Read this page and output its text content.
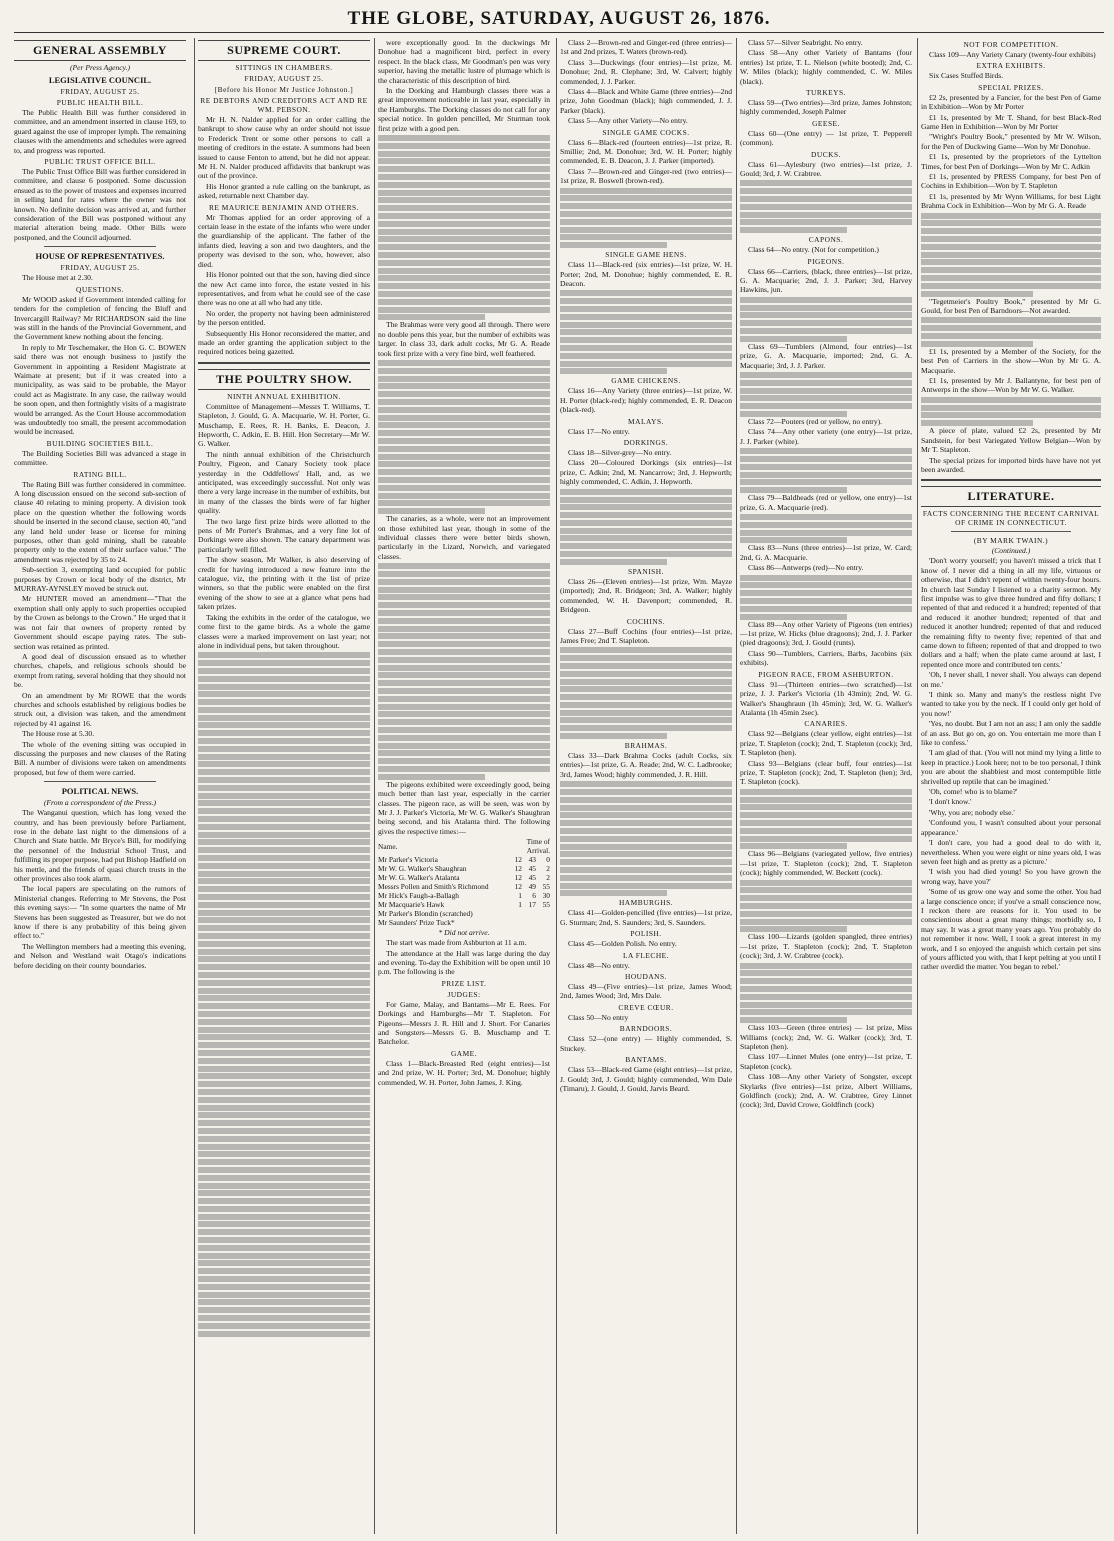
THE GLOBE, SATURDAY, AUGUST 26, 1876.
GENERAL ASSEMBLY
(Per Press Agency.)
LEGISLATIVE COUNCIL.
FRIDAY, AUGUST 25.
PUBLIC HEALTH BILL.

The Public Health Bill was further considered in committee, and an amendment inserted in clause 169, to guard against the use of improper lymph. The remaining clauses with the amendments and schedules were agreed to, and progress was reported.

PUBLIC TRUST OFFICE BILL.

The Public Trust Office Bill was further considered in committee, and clause 6 postponed. Some discussion ensued as to the power of trustees and expenses incurred in selling land for rates where the owner was not known. No definite decision was arrived at, and further consideration of the Bill was postponed without any material alteration being made. Other Bills were postponed, and the Council adjourned.

HOUSE OF REPRESENTATIVES.
FRIDAY, AUGUST 25.

The House met at 2.30.

QUESTIONS.

Mr WOOD asked if Government intended calling for tenders for the completion of fencing the Bluff and Invercargill Railway? Mr RICHARDSON said the line was still in the hands of the Provincial Government, and the Government knew nothing about the fencing.

In reply to Mr Teschemaker, the Hon G. C. BOWEN said there was not enough business to justify the Government in appointing a Resident Magistrate at Waimate at present; but if it was created into a municipality, as was said to be probable, the Mayor could act as Magistrate. In any case, the railway would be soon open, and then fortnightly visits of a magistrate would be arranged. As the Court House accommodation was undoubtedly too small, the present accommodation would be increased.

BUILDING SOCIETIES BILL.

The Building Societies Bill was advanced a stage in committee.

RATING BILL.

The Rating Bill was further considered in committee. A long discussion ensued on the second sub-section of clause 40 relating to mining property. A division took place on the question whether the following words should be inserted in the second clause, section 40, "and any land held under lease or license for mining purposes, other than gold mining, shall be rateable property only to the extent of their surface value." The amendment was rejected by 35 to 24.

Sub-section 3, exempting land occupied for public purposes by Crown or local body of the district, Mr MURRAY-AYNSLEY moved be struck out.

Mr HUNTER moved an amendment—"That the exemption shall only apply to such properties occupied by the Crown as belongs to the Crown." He urged that it was not fair that owners of property rented by Government should escape paying rates. The sub-section was retained as printed.

A good deal of discussion ensued as to whether churches, chapels, and religious schools should be exempt from rating, several holding that they should not be.

On an amendment by Mr ROWE that the words churches and schools established by religious bodies be struck out, a division was taken, and the amendment rejected by 41 against 16.

The House rose at 5.30.

The whole of the evening sitting was occupied in discussing the purposes and new clauses of the Rating Bill. A number of divisions were taken on amendments proposed, but few of them were carried.

POLITICAL NEWS.
(From a correspondent of the Press.)

The Wanganui question, which has long vexed the country, and has been previously before Parliament, rose in the debate last night to the dimensions of a Church and State battle. Mr Bryce's Bill, for modifying the personnel of the Industrial School Trust, and fulfilling its proper purpose, had put Bishop Hadfield on his mettle, and the friends of quasi church trusts in the other provinces also took alarm.

The local papers are speculating on the rumors of Ministerial changes. Referring to Mr Stevens, the Post this evening says:— "In some quarters the name of Mr Stevens has been suggested as Treasurer, but we do not know if there is any probability of this being given effect to."

The Wellington members had a meeting this evening, and Nelson and Westland wait Otago's indications before deciding on their county boundaries.

SUPREME COURT.
SITTINGS IN CHAMBERS.
FRIDAY, AUGUST 25.
[Before his Honor Mr Justice Johnston.]
RE DEBTORS AND CREDITORS ACT AND RE WM. PEBSON.

Mr H. N. Nalder applied for an order calling the bankrupt to show cause why an order should not issue to Frederick Trent or some other persons to call a meeting of creditors in the estate. A summons had been issued to cause Fenton to attend, but he did not appear. Mr H. N. Nalder produced affidavits that bankrupt was out of the province.

His Honor granted a rule calling on the bankrupt, as asked, returnable next Chamber day.

RE MAURICE BENJAMIN AND OTHERS.

Mr Thomas applied for an order approving of a certain lease in the estate of the infants who were under the guardianship of the applicant. The father of the infants died, leaving a son and two daughters, and the property was devised to the son, who, however, also died.

His Honor pointed out that the son, having died since the new Act came into force, the estate vested in his representatives, and from what he could see of the case there was no one at all who had any title.

No order, the property not having been administered by the person entitled.

Subsequently His Honor reconsidered the matter, and made an order granting the application subject to the required notices being gazetted.

THE POULTRY SHOW.
NINTH ANNUAL EXHIBITION.

Committee of Management—Messrs T. Williams, T. Stapleton, J. Gould, G. A. Macquarie, W. H. Porter, G. Muschamp, E. Rees, R. H. Banks, E. Deacon, J. Hepworth, C. Adkin, E. B. Hill. Hon Secretary—Mr W. G. Walker.

The ninth annual exhibition of the Christchurch Poultry, Pigeon, and Canary Society took place yesterday in the Oddfellows' Hall, and, as we anticipated, was exceedingly successful. Not only was there a very large increase in the number of exhibits, but in many of the classes the birds were of far higher quality.

The two large first prize birds were allotted to the pens of Mr Porter's Brahmas, and a very fine lot of Dorkings were also shown. The canary department was particularly well filled.

The show season, Mr Walker, is also deserving of credit for having introduced a new feature into the catalogue, viz, the printing with it the list of prize winners, so that the public were enabled on the first evening of the show to see at a glance what pens had taken prizes.

Taking the exhibits in the order of the catalogue, we come first to the game birds. As a whole the game classes were a marked improvement on last year; not alone in individual pens, but taken throughout.

were exceptionally good. In the duckwings Mr Donohue had a magnificent bird, perfect in every respect. In the black class, Mr Goodman's pen was very superior, having the metallic lustre of plumage which is the characteristic of this description of bird.

In the Dorking and Hamburgh classes there was a great improvement noticeable in last year, especially in the Hamburghs. The Dorking classes do not call for any special notice. In golden pencilled, Mr Sturman took first prize with a good pen.

The Brahmas were very good all through. There were no double pens this year, but the number of exhibits was larger. In class 33, dark adult cocks, Mr G. A. Reade took first prize with a very fine bird, well feathered.

The canaries, as a whole, were not an improvement on those exhibited last year, though in some of the individual classes there were better birds shown, particularly in the Lizard, Norwich, and variegated classes.

The pigeons exhibited were exceedingly good, being much better than last year, especially in the carrier classes. The pigeon race, as will be seen, was won by Mr J. J. Parker's Victoria, Mr W. G. Walker's Shaughran being second, and his Atalanta third. The following gives the respective times:—

Name.	Time of Arrival.		
Mr Parker's Victoria	12	43	0
Mr W. G. Walker's Shaughran	12	45	2
Mr W. G. Walker's Atalanta	12	45	2
Messrs Pollen and Smith's Richmond	12	49	55
Mr Hick's Faugh-a-Ballagh	1	6	30
Mr Macquarie's Hawk	1	17	55
Mr Parker's Blondin (scratched)			
Mr Saunders' Prize Tuck*			
* Did not arrive.

The start was made from Ashburton at 11 a.m.

The attendance at the Hall was large during the day and evening. To-day the Exhibition will be open until 10 p.m. The following is the

PRIZE LIST.
JUDGES:

For Game, Malay, and Bantams—Mr E. Rees. For Dorkings and Hamburghs—Mr T. Stapleton. For Pigeons—Messrs J. R. Hill and J. Short. For Canaries and Songsters—Messrs G. B. Muschamp and T. Batchelor.

GAME.

Class 1—Black-Breasted Red (eight entries)—1st and 2nd prize, W. H. Porter; 3rd, M. Donohue; highly commended, W. H. Porter, John James, J. King.

Class 2—Brown-red and Ginger-red (three entries)—1st and 2nd prizes, T. Waters (brown-red).

Class 3—Duckwings (four entries)—1st prize, M. Donohue; 2nd, R. Clephane; 3rd, W. Calvert; highly commended, J. J. Parker.

Class 4—Black and White Game (three entries)—2nd prize, John Goodman (black); high commended, J. J. Parker (black).

Class 5—Any other Variety—No entry.

SINGLE GAME COCKS.

Class 6—Black-red (fourteen entries)—1st prize, R. Smillie; 2nd, M. Donohue; 3rd, W. H. Porter; highly commended, E. B. Deacon, J. J. Parker (imported).

Class 7—Brown-red and Ginger-red (two entries)—1st prize, R. Boswell (brown-red).

SINGLE GAME HENS.

Class 11—Black-red (six entries)—1st prize, W. H. Porter; 2nd, M. Donohue; highly commended, E. R. Deacon.

GAME CHICKENS.

Class 16—Any Variety (three entries)—1st prize, W. H. Porter (black-red); highly commended, E. R. Deacon (black-red).

MALAYS.

Class 17—No entry.

DORKINGS.

Class 18—Silver-grey—No entry.

Class 20—Coloured Dorkings (six entries)—1st prize, C. Adkin; 2nd, M. Nancarrow; 3rd, J. Hepworth; highly commended, C. Adkin, J. Hepworth.

SPANISH.

Class 26—(Eleven entries)—1st prize, Wm. Mayze (imported); 2nd, R. Bridgeon; 3rd, A. Walker; highly commended, W. H. Davenport; commended, R. Bridgeon.

COCHINS.

Class 27—Buff Cochins (four entries)—1st prize, James Free; 2nd T. Stapleton.

BRAHMAS.

Class 33—Dark Brahma Cocks (adult Cocks, six entries)—1st prize, G. A. Reade; 2nd, W. C. Ladbrooke; 3rd, James Wood; highly commended, J. R. Hill.

HAMBURGHS.

Class 41—Golden-pencilled (five entries)—1st prize, G. Sturman; 2nd, S. Saunders; 3rd, S. Saunders.

POLISH.

Class 45—Golden Polish. No entry.

LA FLECHE.

Class 48—No entry.

HOUDANS.

Class 49—(Five entries)—1st prize, James Wood; 2nd, James Wood; 3rd, Mrs Dale.

CREVE CŒUR.

Class 50—No entry

BARNDOORS.

Class 52—(one entry) — Highly commended, S. Stuckey.

BANTAMS.

Class 53—Black-red Game (eight entries)—1st prize, J. Gould; 3rd, J. Gould; highly commended, Wm Dale (Timaru), J. Gould, J. Gould, Jarvis Beard.

Class 57—Silver Seabright. No entry.

Class 58—Any other Variety of Bantams (four entries) 1st prize, T. L. Nielson (white booted); 2nd, C. W. Miles (black); highly commended, C. W. Miles (black).

TURKEYS.

Class 59—(Two entries)—3rd prize, James Johnston; highly commended, Joseph Palmer

GEESE.

Class 60—(One entry) — 1st prize, T. Pepperell (common).

DUCKS.

Class 61—Aylesbury (two entries)—1st prize, J. Gould; 3rd, J. W. Crabtree.

CAPONS.

Class 64—No entry. (Not for competition.)

PIGEONS.

Class 66—Carriers, (black, three entries)—1st prize, G. A. Macquarie; 2nd, J. J. Parker; 3rd, Harvey Hawkins, jun.

Class 69—Tumblers (Almond, four entries)—1st prize, G. A. Macquarie, imported; 2nd, G. A. Macquarie; 3rd, J. J. Parker.

Class 72—Pouters (red or yellow, no entry).

Class 74—Any other variety (one entry)—1st prize, J. J. Parker (white).

Class 79—Baldheads (red or yellow, one entry)—1st prize, G. A. Macquarie (red).

Class 83—Nuns (three entries)—1st prize, W. Card; 2nd, G. A. Macquarie.

Class 86—Antwerps (red)—No entry.

Class 89—Any other Variety of Pigeons (ten entries)—1st prize, W. Hicks (blue dragoons); 2nd, J. J. Parker (pied dragoons); 3rd, J. Gould (runts).

Class 90—Tumblers, Carriers, Barbs, Jacobins (six exhibits).

PIGEON RACE, FROM ASHBURTON.

Class 91—(Thirteen entries—two scratched)—1st prize, J. J. Parker's Victoria (1h 43min); 2nd, W. G. Walker's Shaughraun (1h 45min); 3rd, W. G. Walker's Atalanta (1h 45min 2sec).

CANARIES.

Class 92—Belgians (clear yellow, eight entries)—1st prize, T. Stapleton (cock); 2nd, T. Stapleton (cock); 3rd, T. Stapleton (hen).

Class 93—Belgians (clear buff, four entries)—1st prize, T. Stapleton (cock); 2nd, T. Stapleton (hen); 3rd, T. Stapleton (cock).

Class 96—Belgians (variegated yellow, five entries)—1st prize, T. Stapleton (cock); 2nd, T. Stapleton (cock); highly commended, W. Beckett (cock).

Class 100—Lizards (golden spangled, three entries)—1st prize, T. Stapleton (cock); 2nd, T. Stapleton (cock); 3rd, J. W. Crabtree (cock).

Class 103—Green (three entries) — 1st prize, Miss Williams (cock); 2nd, W. G. Walker (cock); 3rd, T. Stapleton (hen).

Class 107—Linnet Mules (one entry)—1st prize, T. Stapleton (cock).

Class 108—Any other Variety of Songster, except Skylarks (five entries)—1st prize, Albert Williams, Goldfinch (cock); 2nd, A. W. Crabtree, Grey Linnet (cock); 3rd, David Crowe, Goldfinch (cock)

NOT FOR COMPETITION.

Class 109—Any Variety Canary (twenty-four exhibits)

EXTRA EXHIBITS.

Six Cases Stuffed Birds.

SPECIAL PRIZES.

£2 2s, presented by a Fancier, for the best Pen of Game in Exhibition—Won by Mr Porter

£1 1s, presented by Mr T. Shand, for best Black-Red Game Hen in Exhibition—Won by Mr Porter

"Wright's Poultry Book," presented by Mr W. Wilson, for the Pen of Duckwing Game—Won by Mr Donohue.

£1 1s, presented by the proprietors of the Lyttelton Times, for best Pen of Dorkings—Won by Mr C. Adkin

£1 1s, presented by PRESS Company, for best Pen of Cochins in Exhibition—Won by T. Stapleton

£1 1s, presented by Mr Wynn Williams, for best Light Brahma Cock in Exhibition—Won by Mr G. A. Reade

"Tegetmeier's Poultry Book," presented by Mr G. Gould, for best Pen of Barndoors—Not awarded.

£1 1s, presented by a Member of the Society, for the best Pen of Carriers in the show—Won by Mr G. A. Macquarie.

£1 1s, presented by Mr J. Ballantyne, for best pen of Antwerps in the show—Won by Mr W. G. Walker.

A piece of plate, valued £2 2s, presented by Mr Sandstein, for best Variegated Yellow Belgian—Won by Mr T. Stapleton.

The special prizes for imported birds have have not yet been awarded.

LITERATURE.
FACTS CONCERNING THE RECENT CARNIVAL OF CRIME IN CONNECTICUT.
(BY MARK TWAIN.)
(Continued.)

'Don't worry yourself; you haven't missed a trick that I know of. I never did a thing in all my life, virtuous or otherwise, that I didn't repent of within twenty-four hours. In church last Sunday I listened to a charity sermon. My first impulse was to give three hundred and fifty dollars; I repented of that and reduced it a hundred; repented of that and reduced it another hundred; repented of that and reduced it another hundred; repented of that and reduced the remaining fifty to twenty five; repented of that and came down to fifteen; repented of that and dropped to two dollars and a half; when the plate came around at last, I repented once more and contributed ten cents.'

'Oh, I never shall, I never shall. You always can depend on me.'

'I think so. Many and many's the restless night I've wanted to take you by the neck. If I could only get hold of you now!'

'Yes, no doubt. But I am not an ass; I am only the saddle of an ass. But go on, go on. You entertain me more than I like to confess.'

'I am glad of that. (You will not mind my lying a little to keep in practice.) Look here; not to be too personal, I think you are about the shabbiest and most contemptible little shrivelled up reptile that can be imagined.'

'Oh, come! who is to blame?'

'I don't know.'

'Why, you are; nobody else.'

'Confound you, I wasn't consulted about your personal appearance.'

'I don't care, you had a good deal to do with it, nevertheless. When you were eight or nine years old, I was seven feet high and as pretty as a picture.'

'I wish you had died young! So you have grown the wrong way, have you?'

'Some of us grow one way and some the other. You had a large conscience once; if you've a small conscience now, I reckon there are reasons for it. You used to be conscientious about a great many things; morbidly so, I may say. It was a great many years ago. You probably do not remember it now. Well, I took a great interest in my work, and I so enjoyed the anguish which certain pet sins of yours afflicted you with, that I kept pelting at you until I rather overdid the matter. You began to rebel.'
